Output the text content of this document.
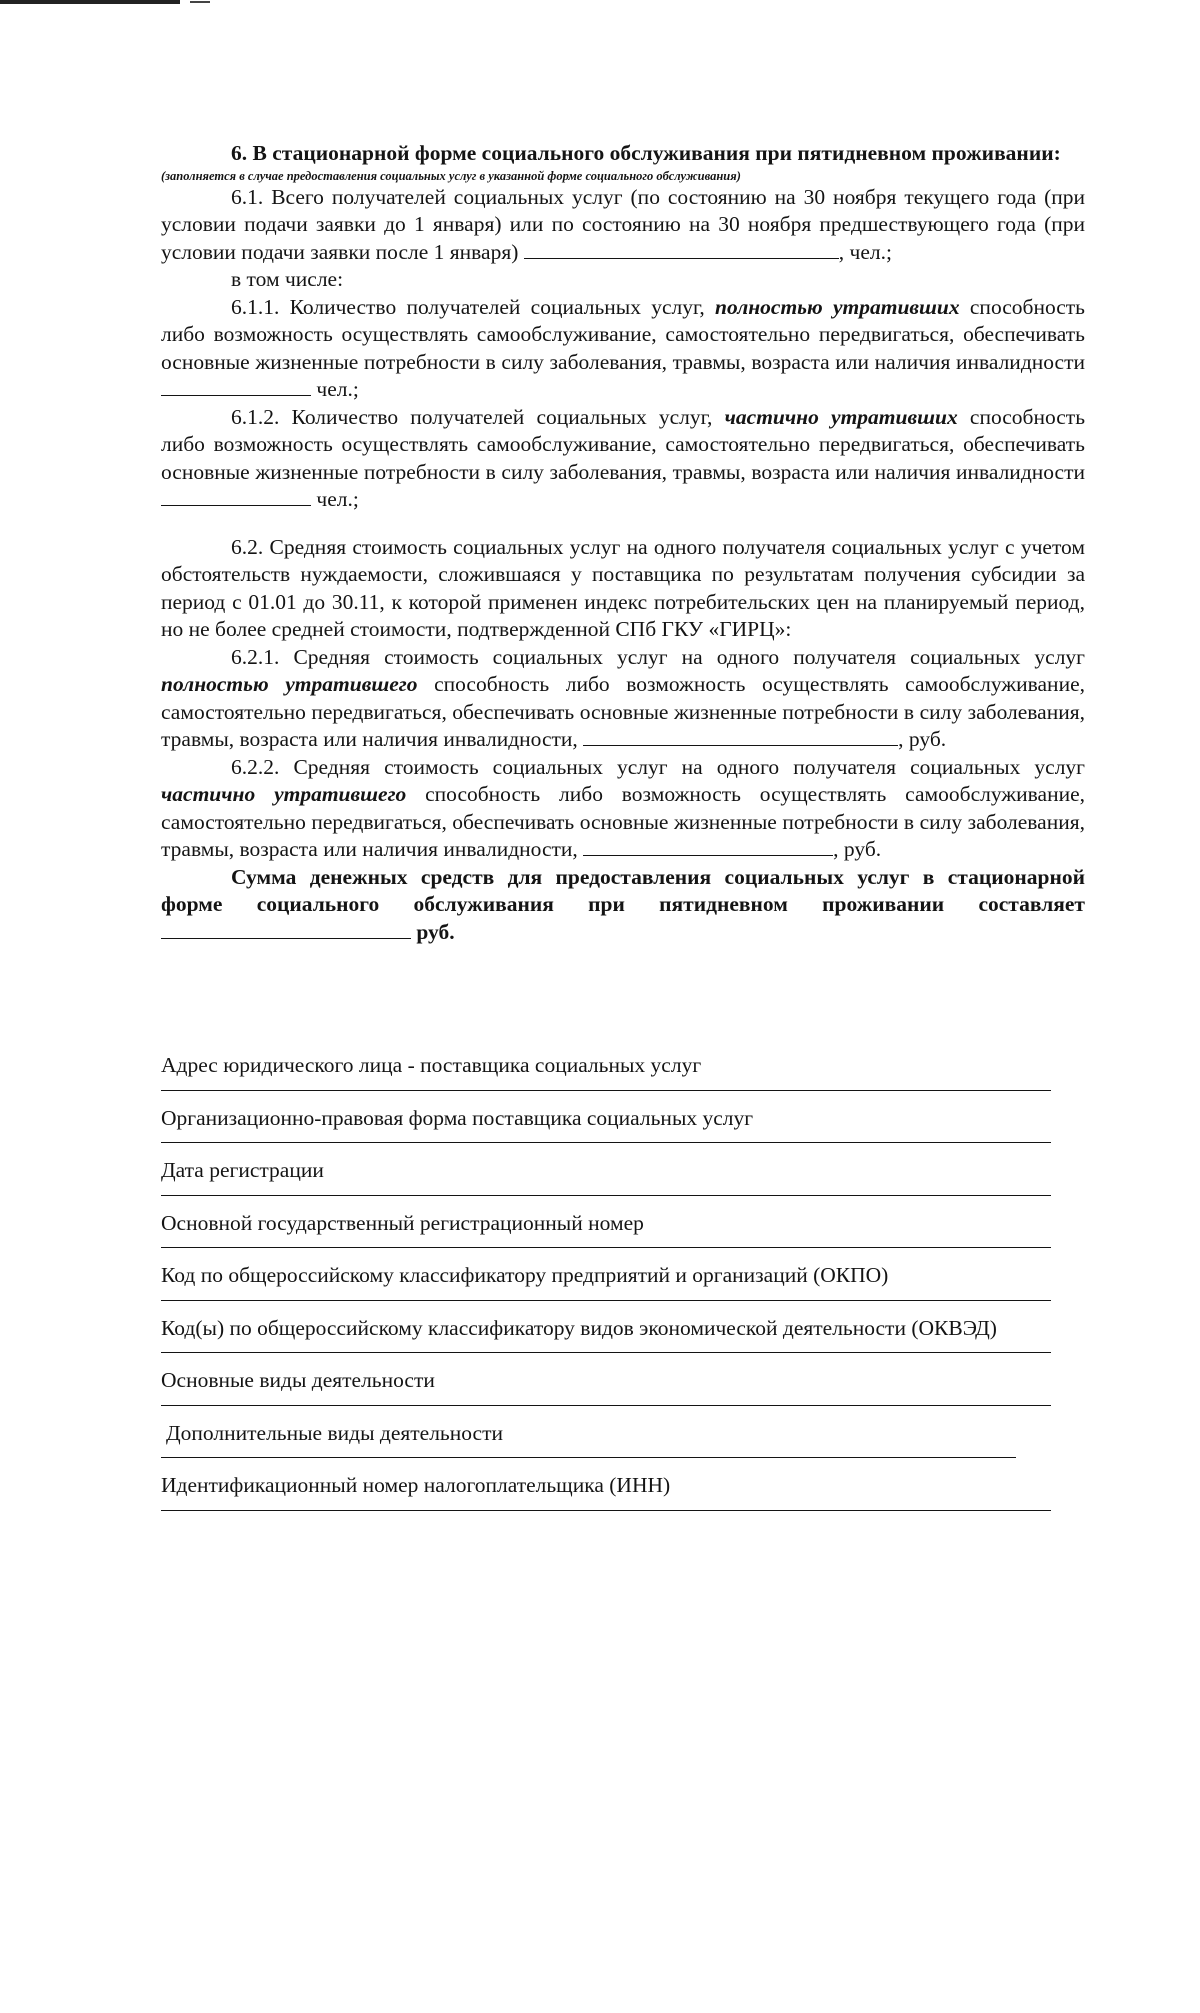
6. В стационарной форме социального обслуживания при пятидневном проживании:

(заполняется в случае предоставления социальных услуг в указанной форме социального обслуживания)

6.1. Всего получателей социальных услуг (по состоянию на 30 ноября текущего года (при условии подачи заявки до 1 января) или по состоянию на 30 ноября предшествующего года (при условии подачи заявки после 1 января)	, чел.;

в том числе:

6.1.1. Количество получателей социальных услуг, полностью утративших способность либо возможность осуществлять самообслуживание, самостоятельно передвигаться, обеспечивать основные жизненные потребности в силу заболевания, травмы, возраста или наличия инвалидности чел.;

6.1.2. Количество получателей социальных услуг, частично утративших способность либо возможность осуществлять самообслуживание, самостоятельно передвигаться, обеспечивать основные жизненные потребности в силу заболевания, травмы, возраста или наличия инвалидности чел.;

6.2. Средняя стоимость социальных услуг на одного получателя социальных услуг с учетом обстоятельств нуждаемости, сложившаяся у поставщика по результатам получения субсидии за период с 01.01 до 30.11, к которой применен индекс потребительских цен на планируемый период, но не более средней стоимости, подтвержденной СПб ГКУ «ГИРЦ»:

6.2.1. Средняя стоимость социальных услуг на одного получателя социальных услуг полностью утратившего способность либо возможность осуществлять самообслуживание, самостоятельно передвигаться, обеспечивать основные жизненные потребности в силу заболевания, травмы, возраста или наличия инвалидности,	, руб.

6.2.2. Средняя стоимость социальных услуг на одного получателя социальных услуг частично утратившего способность либо возможность осуществлять самообслуживание, самостоятельно передвигаться, обеспечивать основные жизненные потребности в силу заболевания, травмы, возраста или наличия инвалидности,	, руб.

Сумма денежных средств для предоставления социальных услуг в стационарной форме социального обслуживания при пятидневном проживании составляет руб.

Адрес юридического лица - поставщика социальных услуг
Организационно-правовая форма поставщика социальных услуг
Дата регистрации
Основной государственный регистрационный номер
Код по общероссийскому классификатору предприятий и организаций (ОКПО)
Код(ы) по общероссийскому классификатору видов экономической деятельности (ОКВЭД)
Основные виды деятельности
Дополнительные виды деятельности
Идентификационный номер налогоплательщика (ИНН)
